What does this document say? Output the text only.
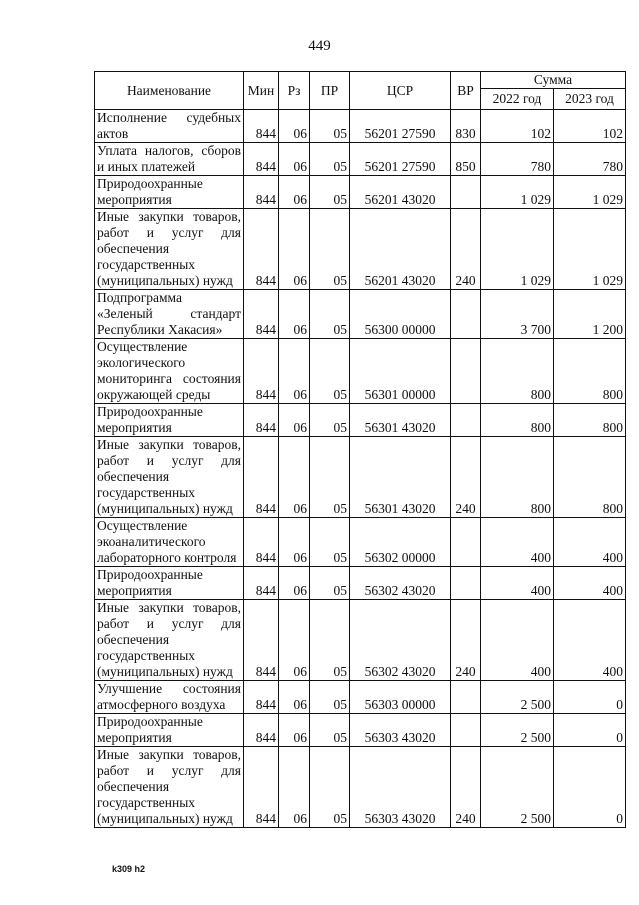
449
Наименование	Мин	Рз	ПР	ЦСР	ВР	Сумма	
						2022 год	2023 год
Исполнение судебных актов	844	06	05	56201 27590	830	102	102
Уплата налогов, сборов и иных платежей	844	06	05	56201 27590	850	780	780
Природоохранные мероприятия	844	06	05	56201 43020		1 029	1 029
Иные закупки товаров, работ и услуг для обеспечения государственных (муниципальных) нужд	844	06	05	56201 43020	240	1 029	1 029
Подпрограмма «Зеленый стандарт Республики Хакасия»	844	06	05	56300 00000		3 700	1 200
Осуществление экологического мониторинга состояния окружающей среды	844	06	05	56301 00000		800	800
Природоохранные мероприятия	844	06	05	56301 43020		800	800
Иные закупки товаров, работ и услуг для обеспечения государственных (муниципальных) нужд	844	06	05	56301 43020	240	800	800
Осуществление экоаналитического лабораторного контроля	844	06	05	56302 00000		400	400
Природоохранные мероприятия	844	06	05	56302 43020		400	400
Иные закупки товаров, работ и услуг для обеспечения государственных (муниципальных) нужд	844	06	05	56302 43020	240	400	400
Улучшение состояния атмосферного воздуха	844	06	05	56303 00000		2 500	0
Природоохранные мероприятия	844	06	05	56303 43020		2 500	0
Иные закупки товаров, работ и услуг для обеспечения государственных (муниципальных) нужд	844	06	05	56303 43020	240	2 500	0
k309 h2
